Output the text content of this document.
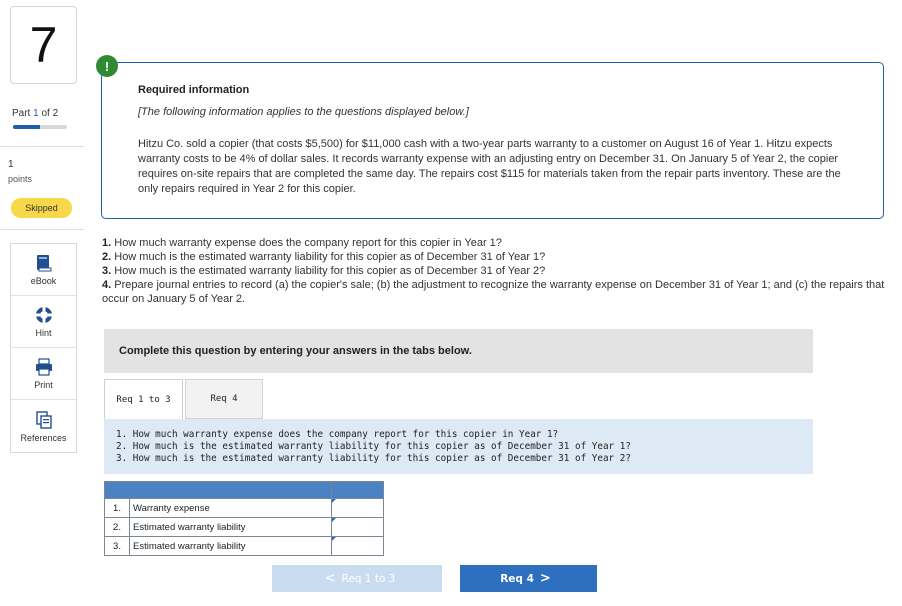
7
Part 1 of 2
1
points
Skipped
eBook
Hint
Print
References
Required information
[The following information applies to the questions displayed below.]
Hitzu Co. sold a copier (that costs $5,500) for $11,000 cash with a two-year parts warranty to a customer on August 16 of Year 1. Hitzu expects warranty costs to be 4% of dollar sales. It records warranty expense with an adjusting entry on December 31. On January 5 of Year 2, the copier requires on-site repairs that are completed the same day. The repairs cost $115 for materials taken from the repair parts inventory. These are the only repairs required in Year 2 for this copier.
!
1. How much warranty expense does the company report for this copier in Year 1?
2. How much is the estimated warranty liability for this copier as of December 31 of Year 1?
3. How much is the estimated warranty liability for this copier as of December 31 of Year 2?
4. Prepare journal entries to record (a) the copier's sale; (b) the adjustment to recognize the warranty expense on December 31 of Year 1; and (c) the repairs that occur on January 5 of Year 2.
Complete this question by entering your answers in the tabs below.
Req 1 to 3	Req 4
1. How much warranty expense does the company report for this copier in Year 1?
2. How much is the estimated warranty liability for this copier as of December 31 of Year 1?
3. How much is the estimated warranty liability for this copier as of December 31 of Year 2?

1.	Warranty expense	
2.	Estimated warranty liability	
3.	Estimated warranty liability	
< Req 1 to 3	Req 4 >
